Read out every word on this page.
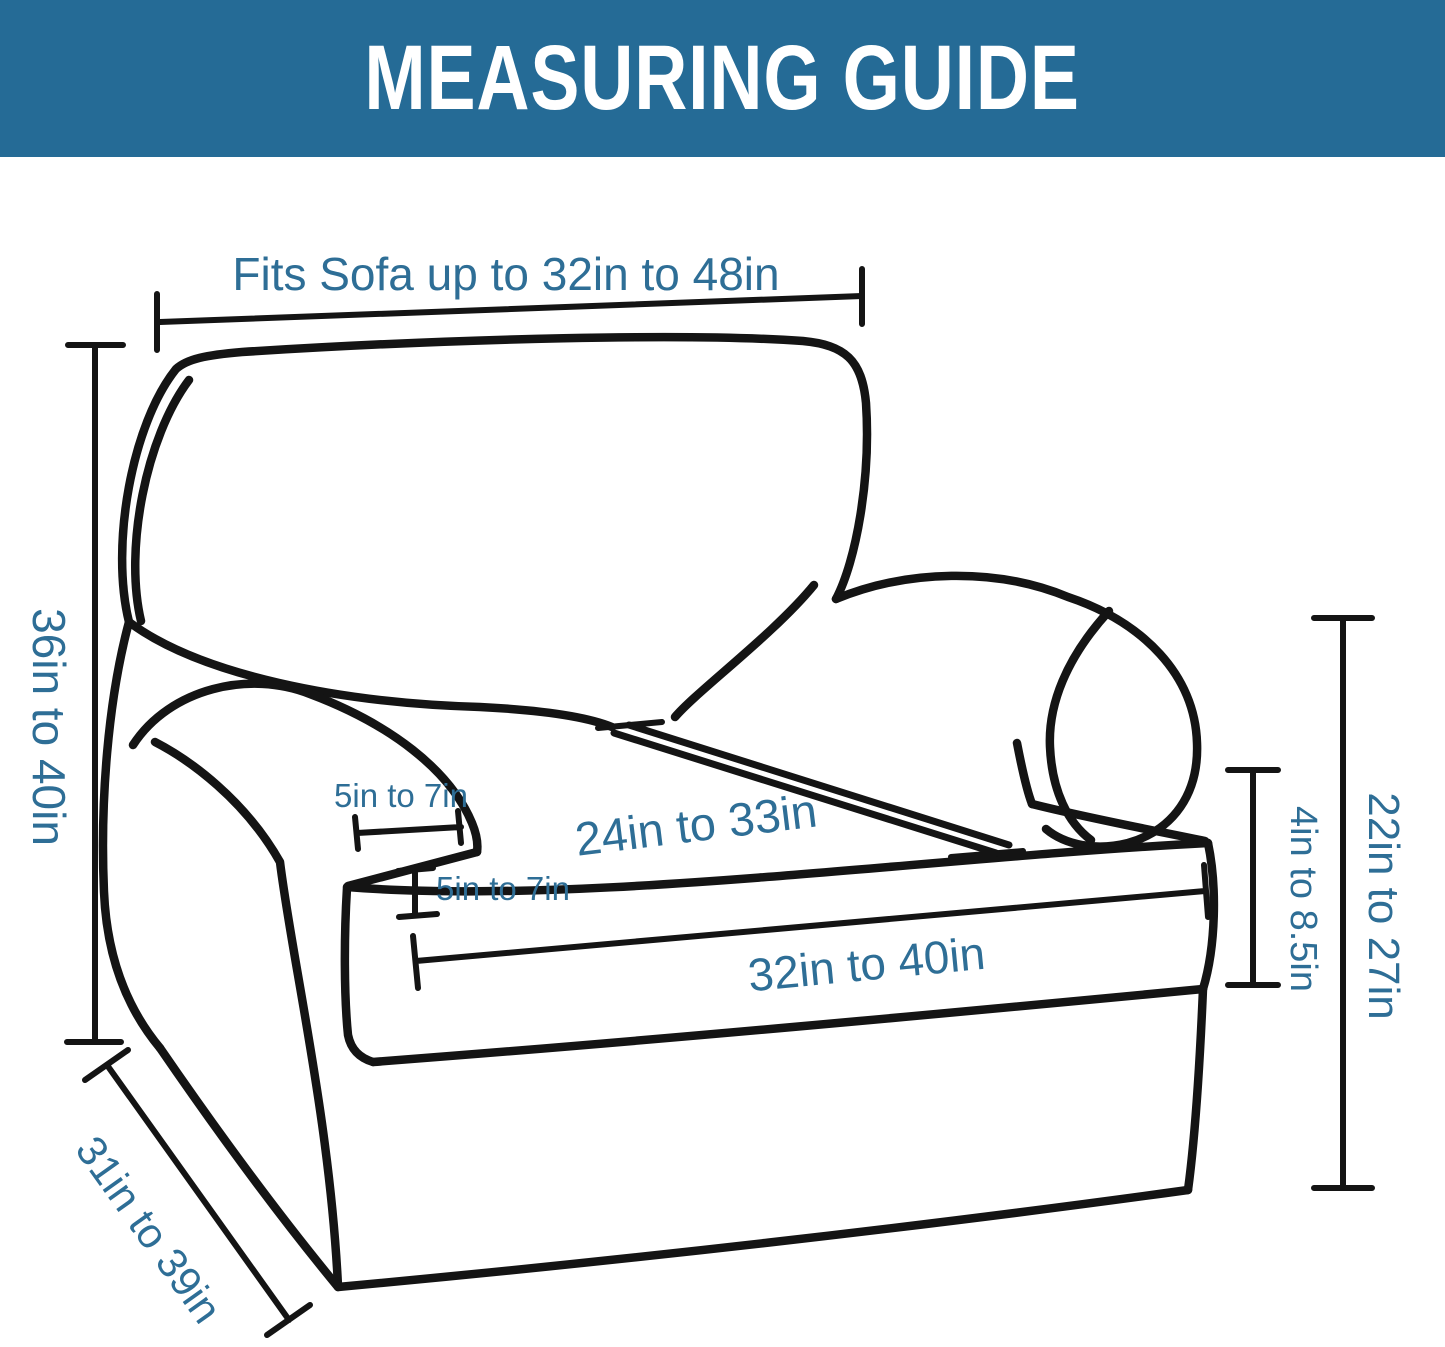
MEASURING GUIDE
Fits Sofa up to 32in to 48in
36in to 40in	5in to 7in 24in to 33in
5in to 7in
32in to 40in	4in to 8.5in 22in to 27in
31in to 39in
